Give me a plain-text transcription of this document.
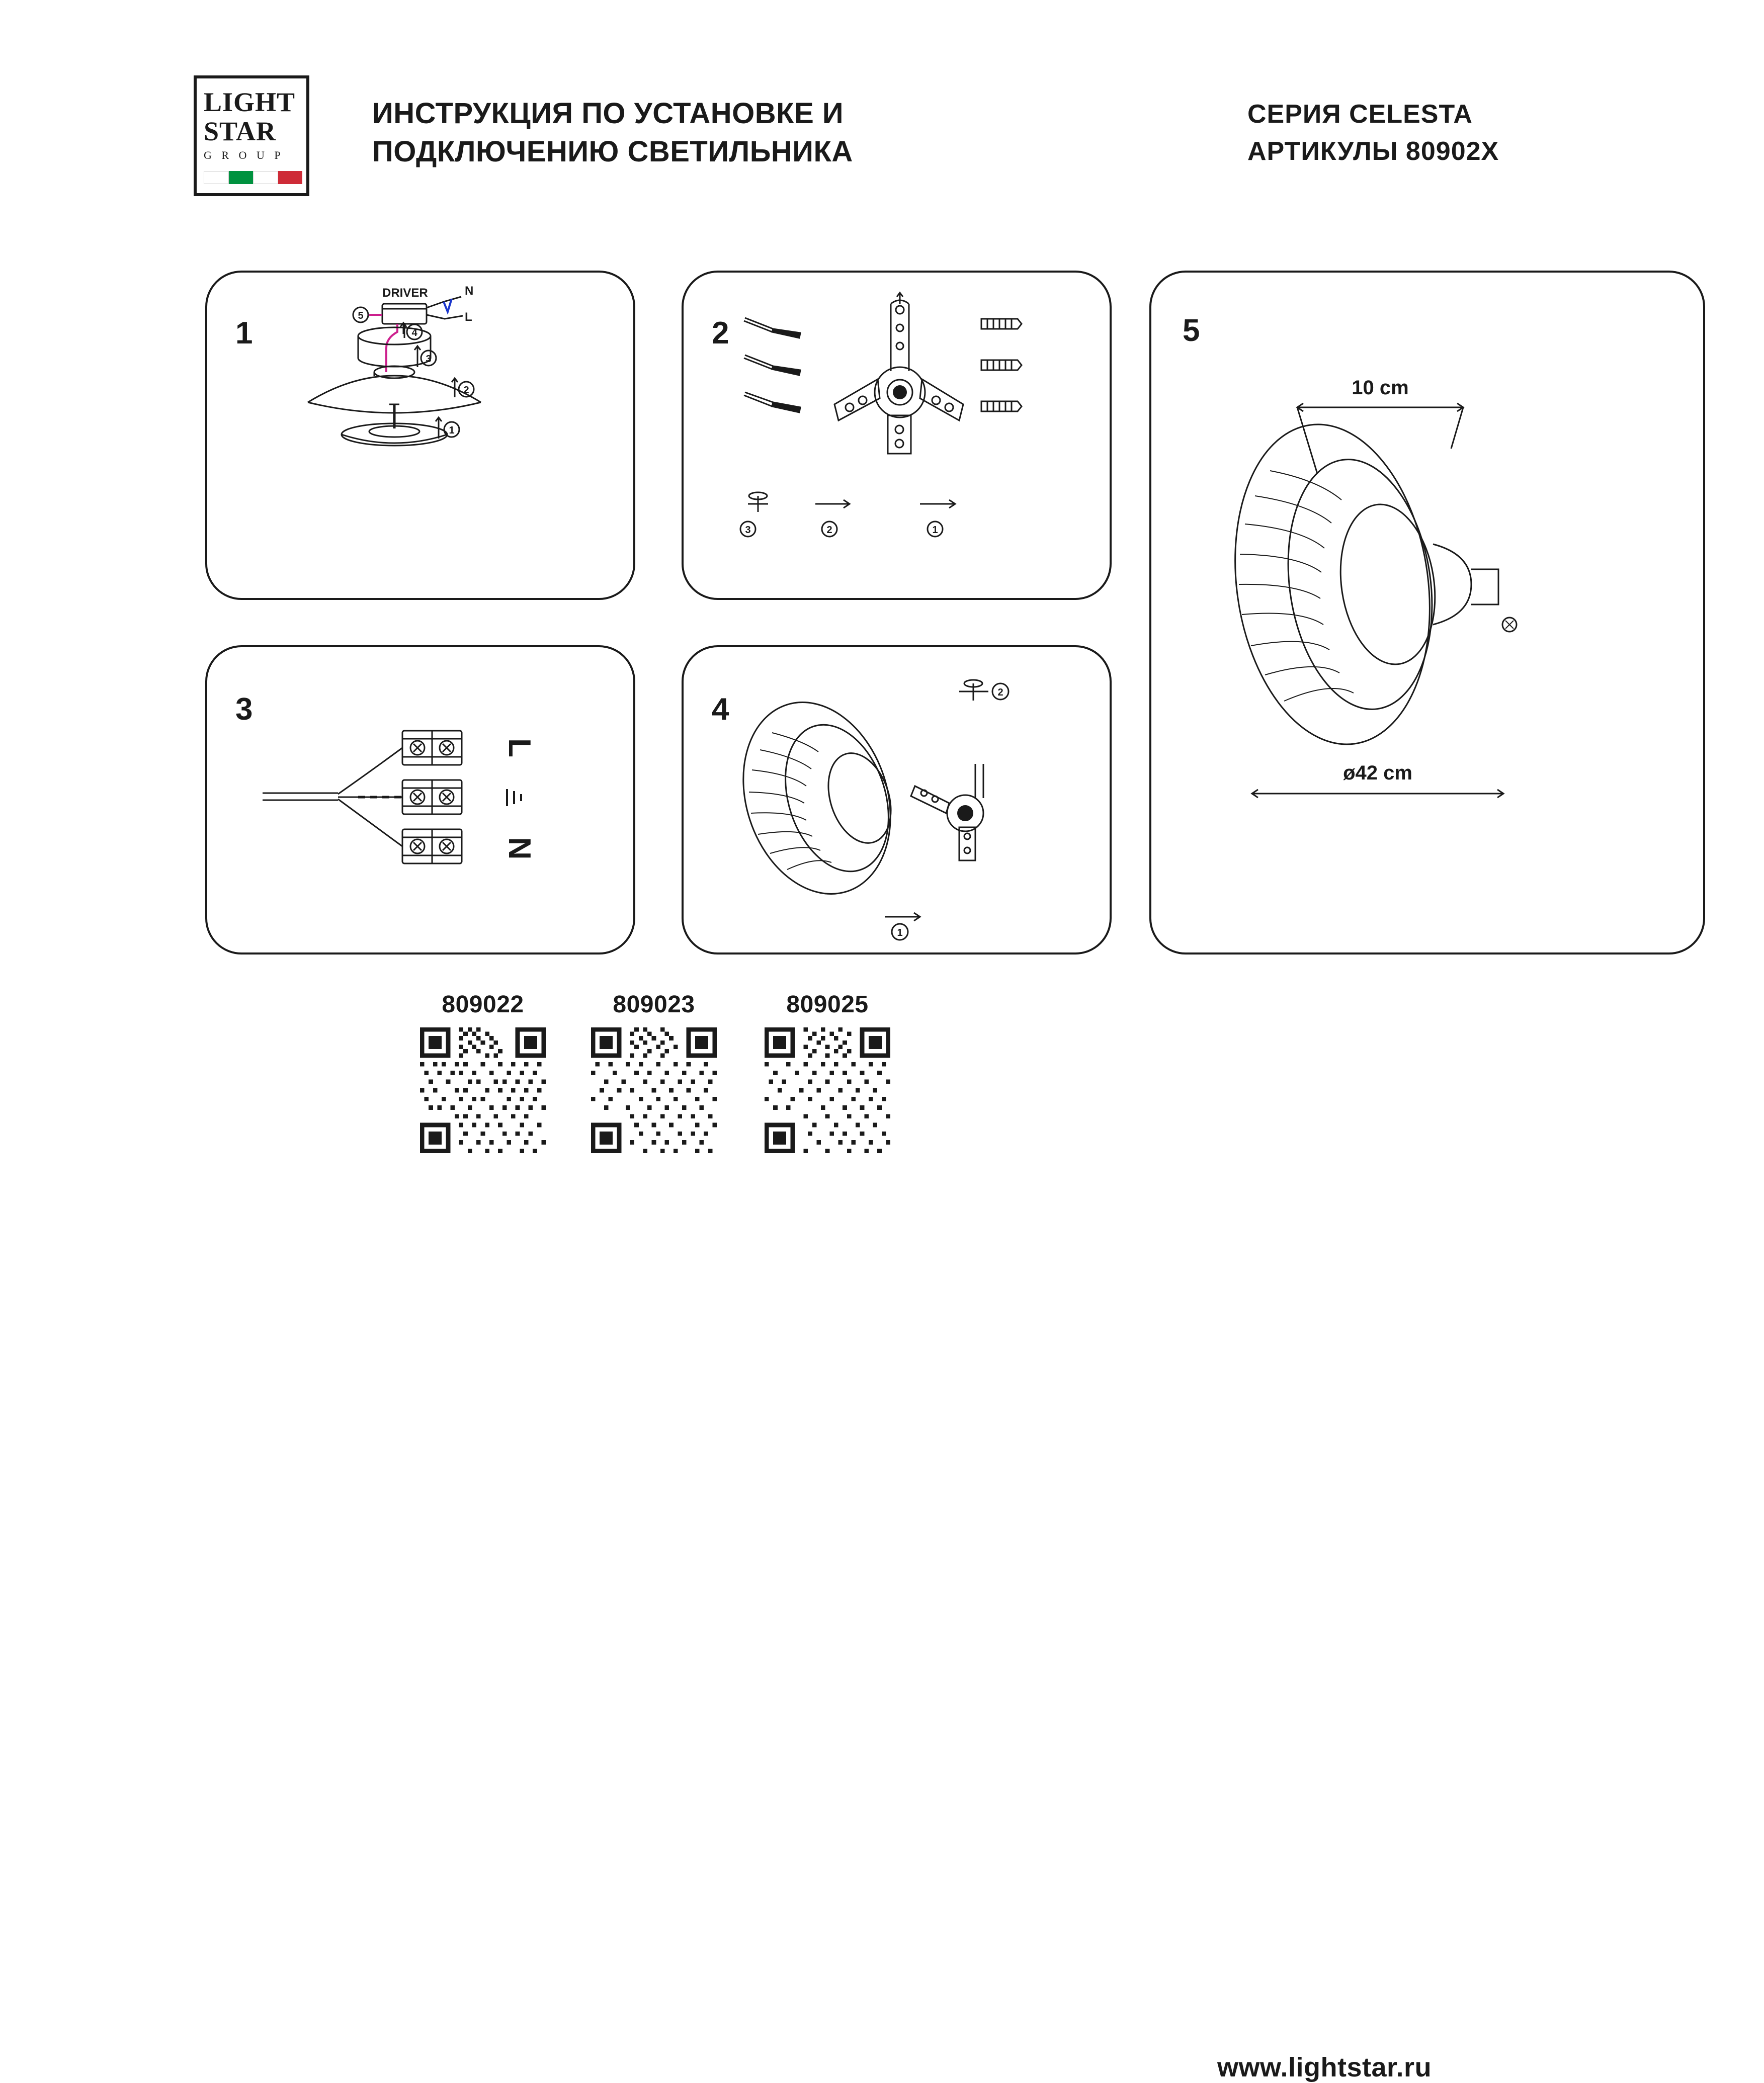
LIGHT
STAR
G R O U P
ИНСТРУКЦИЯ ПО УСТАНОВКЕ И ПОДКЛЮЧЕНИЮ СВЕТИЛЬНИКА
СЕРИЯ CELESTA
АРТИКУЛЫ 80902X
1
DRIVER	N
L
5
4
3
2
1
2
3	2	1
3
L
N
4	2
1
5
10 cm
ø42 cm
809022	809023	809025
www.lightstar.ru
